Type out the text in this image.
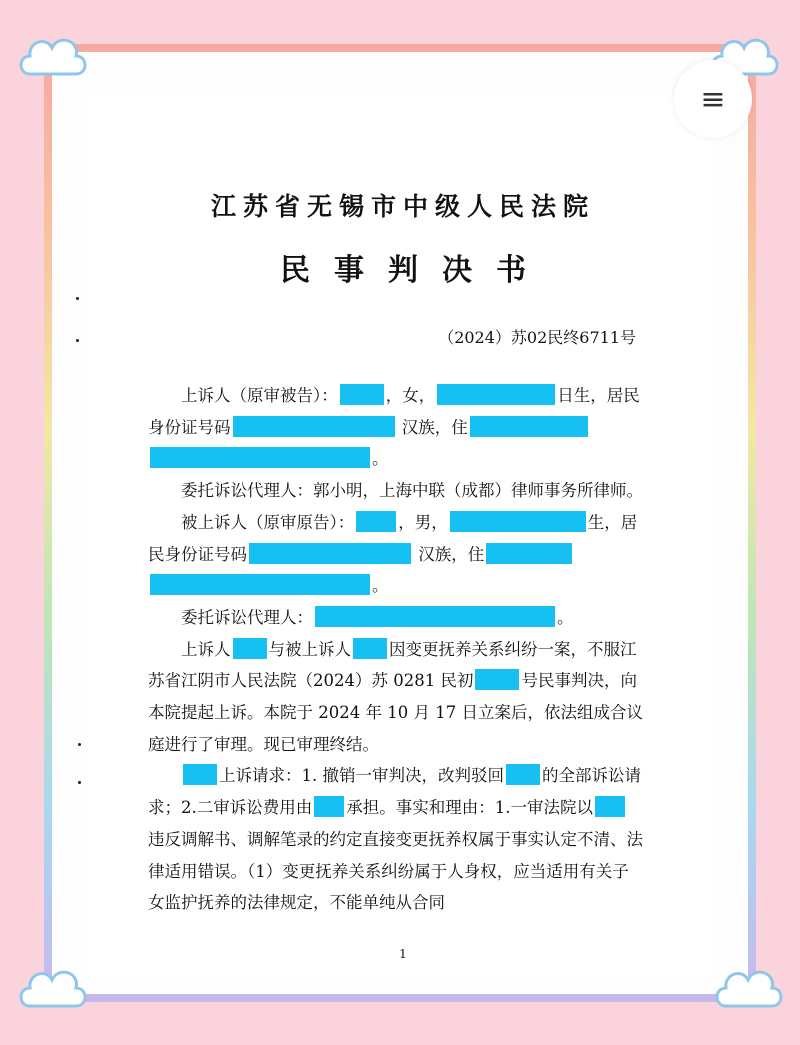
江苏省无锡市中级人民法院
民事判决书
（2024）苏02民终6711号

上诉人（原审被告）：	，女，	日生，居民身份证号码	汉族，住。

委托诉讼代理人：郭小明，上海中联（成都）律师事务所律师。

被上诉人（原审原告）：	，男，	生，居民身份证号码	汉族，住。

委托诉讼代理人：	。

上诉人 与被上诉人 因变更抚养关系纠纷一案，不服江苏省江阴市人民法院（2024）苏 0281 民初	号民事判决，向本院提起上诉。本院于 2024 年 10 月 17 日立案后，依法组成合议庭进行了审理。现已审理终结。

上诉请求：1. 撤销一审判决，改判驳回 的全部诉讼请求；2.二审诉讼费用由 承担。事实和理由：1.一审法院以违反调解书、调解笔录的约定直接变更抚养权属于事实认定不清、法律适用错误。（1）变更抚养关系纠纷属于人身权，应当适用有关子女监护抚养的法律规定，不能单纯从合同

1
≡
